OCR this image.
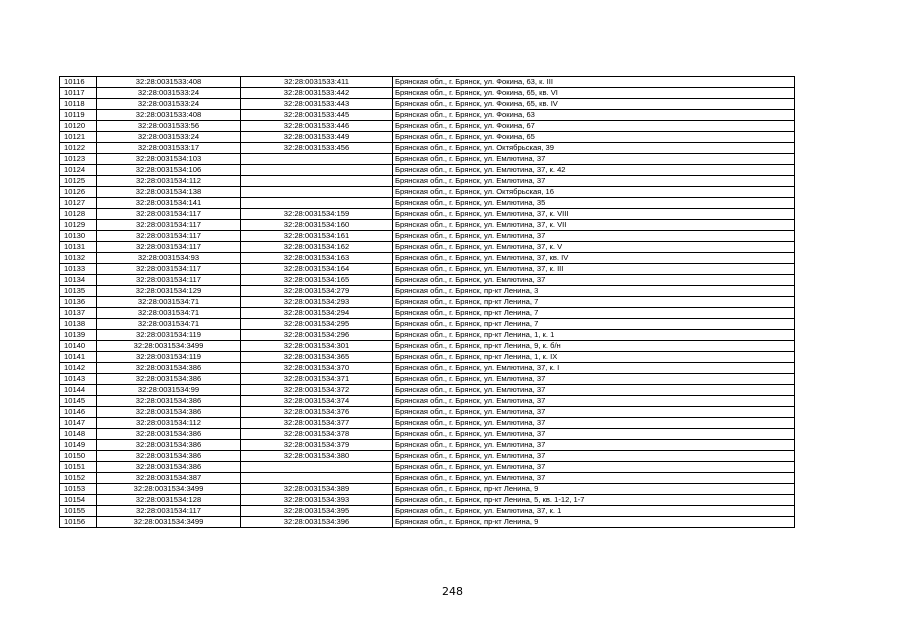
10116	32:28:0031533:408	32:28:0031533:411	Брянская обл., г. Брянск, ул. Фокина, 63, к. III
10117	32:28:0031533:24	32:28:0031533:442	Брянская обл., г. Брянск, ул. Фокина, 65, кв. VI
10118	32:28:0031533:24	32:28:0031533:443	Брянская обл., г. Брянск, ул. Фокина, 65, кв. IV
10119	32:28:0031533:408	32:28:0031533:445	Брянская обл., г. Брянск, ул. Фокина, 63
10120	32:28:0031533:56	32:28:0031533:446	Брянская обл., г. Брянск, ул. Фокина, 67
10121	32:28:0031533:24	32:28:0031533:449	Брянская обл., г. Брянск, ул. Фокина, 65
10122	32:28:0031533:17	32:28:0031533:456	Брянская обл., г. Брянск, ул. Октябрьская, 39
10123	32:28:0031534:103		Брянская обл., г. Брянск, ул. Емлютина, 37
10124	32:28:0031534:106		Брянская обл., г. Брянск, ул. Емлютина, 37, к. 42
10125	32:28:0031534:112		Брянская обл., г. Брянск, ул. Емлютина, 37
10126	32:28:0031534:138		Брянская обл., г. Брянск, ул. Октябрьская, 16
10127	32:28:0031534:141		Брянская обл., г. Брянск, ул. Емлютина, 35
10128	32:28:0031534:117	32:28:0031534:159	Брянская обл., г. Брянск, ул. Емлютина, 37, к. VIII
10129	32:28:0031534:117	32:28:0031534:160	Брянская обл., г. Брянск, ул. Емлютина, 37, к. VII
10130	32:28:0031534:117	32:28:0031534:161	Брянская обл., г. Брянск, ул. Емлютина, 37
10131	32:28:0031534:117	32:28:0031534:162	Брянская обл., г. Брянск, ул. Емлютина, 37, к. V
10132	32:28:0031534:93	32:28:0031534:163	Брянская обл., г. Брянск, ул. Емлютина, 37, кв. IV
10133	32:28:0031534:117	32:28:0031534:164	Брянская обл., г. Брянск, ул. Емлютина, 37, к. III
10134	32:28:0031534:117	32:28:0031534:165	Брянская обл., г. Брянск, ул. Емлютина, 37
10135	32:28:0031534:129	32:28:0031534:279	Брянская обл., г. Брянск, пр-кт Ленина, 3
10136	32:28:0031534:71	32:28:0031534:293	Брянская обл., г. Брянск, пр-кт Ленина, 7
10137	32:28:0031534:71	32:28:0031534:294	Брянская обл., г. Брянск, пр-кт Ленина, 7
10138	32:28:0031534:71	32:28:0031534:295	Брянская обл., г. Брянск, пр-кт Ленина, 7
10139	32:28:0031534:119	32:28:0031534:296	Брянская обл., г. Брянск, пр-кт Ленина, 1, к. 1
10140	32:28:0031534:3499	32:28:0031534:301	Брянская обл., г. Брянск, пр-кт Ленина, 9, к. б/н
10141	32:28:0031534:119	32:28:0031534:365	Брянская обл., г. Брянск, пр-кт Ленина, 1, к. IX
10142	32:28:0031534:386	32:28:0031534:370	Брянская обл., г. Брянск, ул. Емлютина, 37, к. I
10143	32:28:0031534:386	32:28:0031534:371	Брянская обл., г. Брянск, ул. Емлютина, 37
10144	32:28:0031534:99	32:28:0031534:372	Брянская обл., г. Брянск, ул. Емлютина, 37
10145	32:28:0031534:386	32:28:0031534:374	Брянская обл., г. Брянск, ул. Емлютина, 37
10146	32:28:0031534:386	32:28:0031534:376	Брянская обл., г. Брянск, ул. Емлютина, 37
10147	32:28:0031534:112	32:28:0031534:377	Брянская обл., г. Брянск, ул. Емлютина, 37
10148	32:28:0031534:386	32:28:0031534:378	Брянская обл., г. Брянск, ул. Емлютина, 37
10149	32:28:0031534:386	32:28:0031534:379	Брянская обл., г. Брянск, ул. Емлютина, 37
10150	32:28:0031534:386	32:28:0031534:380	Брянская обл., г. Брянск, ул. Емлютина, 37
10151	32:28:0031534:386		Брянская обл., г. Брянск, ул. Емлютина, 37
10152	32:28:0031534:387		Брянская обл., г. Брянск, ул. Емлютина, 37
10153	32:28:0031534:3499	32:28:0031534:389	Брянская обл., г. Брянск, пр-кт Ленина, 9
10154	32:28:0031534:128	32:28:0031534:393	Брянская обл., г. Брянск, пр-кт Ленина, 5, кв. 1-12, 1-7
10155	32:28:0031534:117	32:28:0031534:395	Брянская обл., г. Брянск, ул. Емлютина, 37, к. 1
10156	32:28:0031534:3499	32:28:0031534:396	Брянская обл., г. Брянск, пр-кт Ленина, 9
248
